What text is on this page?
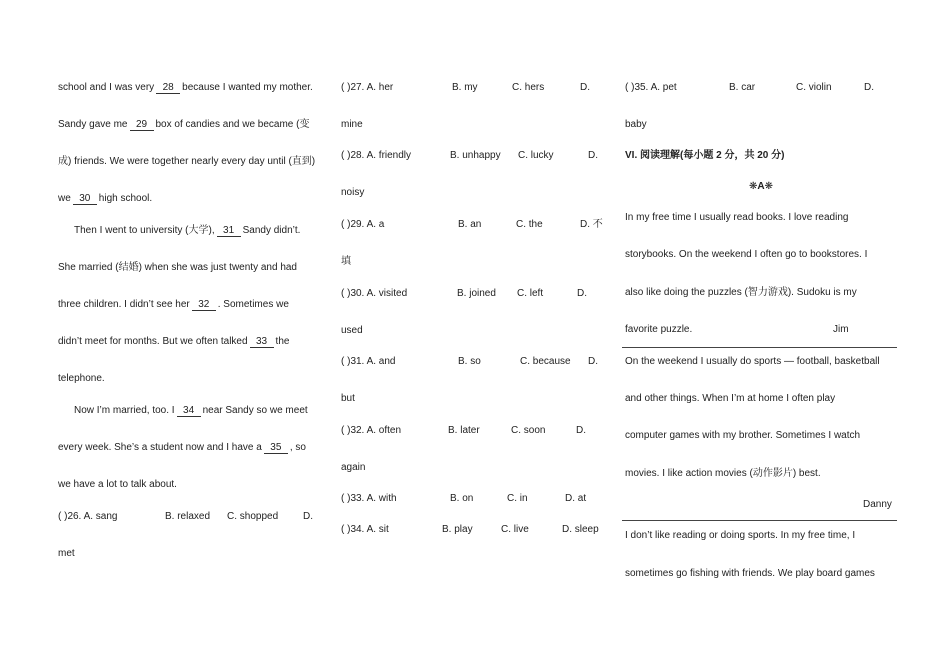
school and I was very 28 because I wanted my mother.
Sandy gave me 29 box of candies and we became (变
成) friends. We were together nearly every day until (直到)
we 30 high school.
Then I went to university (大学), 31 Sandy didn’t.
She married (结婚) when she was just twenty and had
three children. I didn’t see her 32 . Sometimes we
didn’t meet for months. But we often talked 33 the
telephone.
Now I’m married, too. I 34 near Sandy so we meet
every week. She’s a student now and I have a 35 , so
we have a lot to talk about.
( )26. A. sang	B. relaxed C. shopped D.
met
( )27. A. her	B. my	C. hers	D.
mine
( )28. A. friendly	B. unhappy C. lucky	D.
noisy
( )29. A. a	B. an	C. the	D. 不
填
( )30. A. visited	B. joined C. left	D.
used
( )31. A. and	B. so	C. because D.
but
( )32. A. often	B. later	C. soon	D.
again
( )33. A. with	B. on	C. in	D. at
( )34. A. sit	B. play	C. live	D. sleep
( )35. A. pet	B. car	C. violin	D.
baby
VI. 阅读理解(每小题 2 分，共 20 分)
❋A❋
In my free time I usually read books. I love reading
storybooks. On the weekend I often go to bookstores. I
also like doing the puzzles (智力游戏). Sudoku is my
favorite puzzle.	Jim
On the weekend I usually do sports — football, basketball
and other things. When I’m at home I often play
computer games with my brother. Sometimes I watch
movies. I like action movies (动作影片) best.
Danny
I don’t like reading or doing sports. In my free time, I
sometimes go fishing with friends. We play board games
